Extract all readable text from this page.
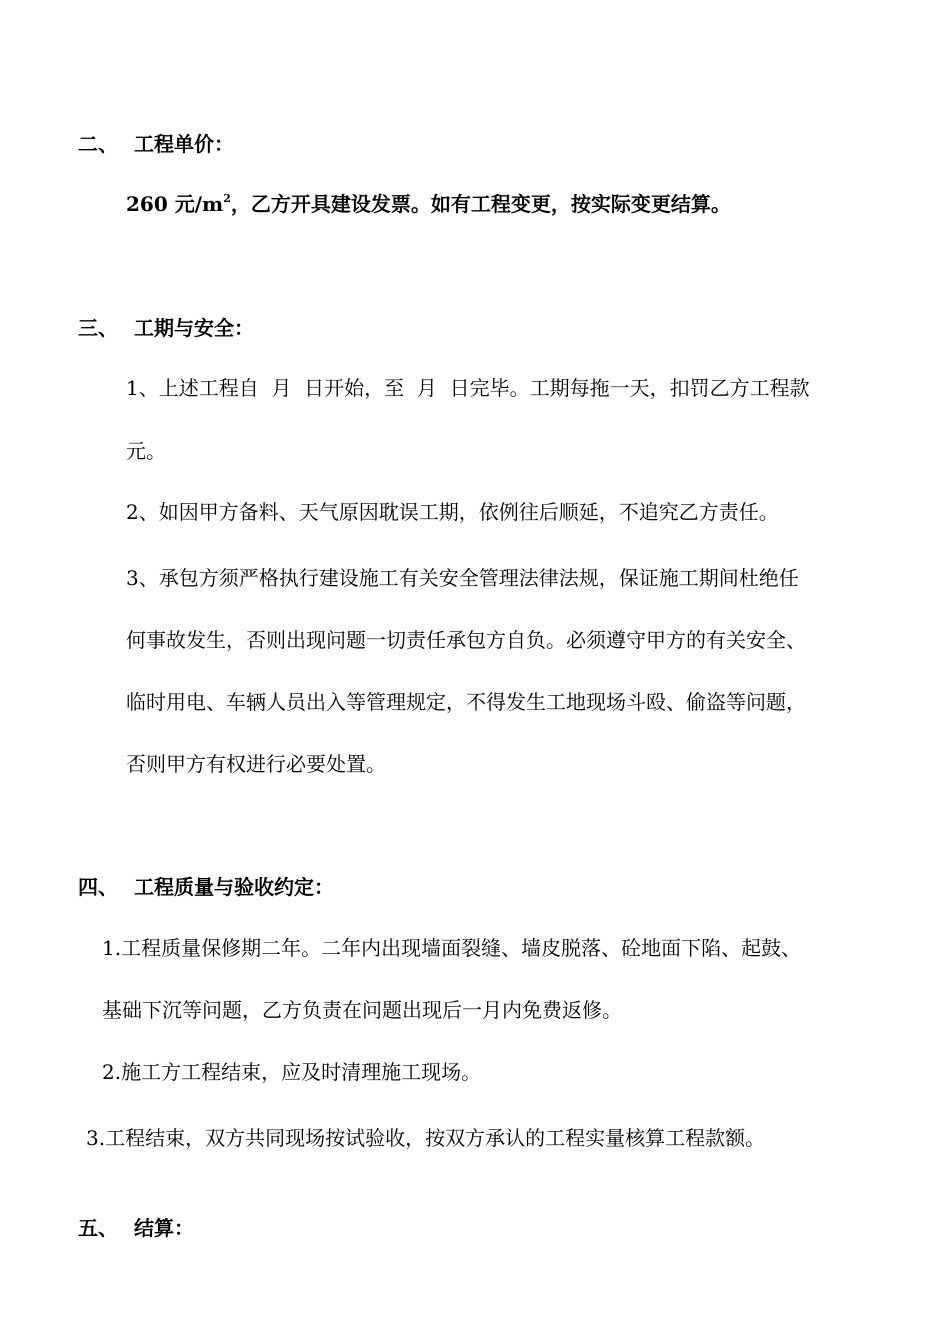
二、 工程单价：
260 元$/m^2$，乙方开具建设发票。如有工程变更，按实际变更结算。
三、 工期与安全：
1、上述工程自  月  日开始，至  月  日完毕。工期每拖一天，扣罚乙方工程款
元。
2、如因甲方备料、天气原因耽误工期，依例往后顺延，不追究乙方责任。
3、承包方须严格执行建设施工有关安全管理法律法规，保证施工期间杜绝任
何事故发生，否则出现问题一切责任承包方自负。必须遵守甲方的有关安全、
临时用电、车辆人员出入等管理规定，不得发生工地现场斗殴、偷盗等问题，
否则甲方有权进行必要处置。
四、 工程质量与验收约定：
1.工程质量保修期二年。二年内出现墙面裂缝、墙皮脱落、砼地面下陷、起鼓、
基础下沉等问题，乙方负责在问题出现后一月内免费返修。
2.施工方工程结束，应及时清理施工现场。
3.工程结束，双方共同现场按试验收，按双方承认的工程实量核算工程款额。
五、 结算：
